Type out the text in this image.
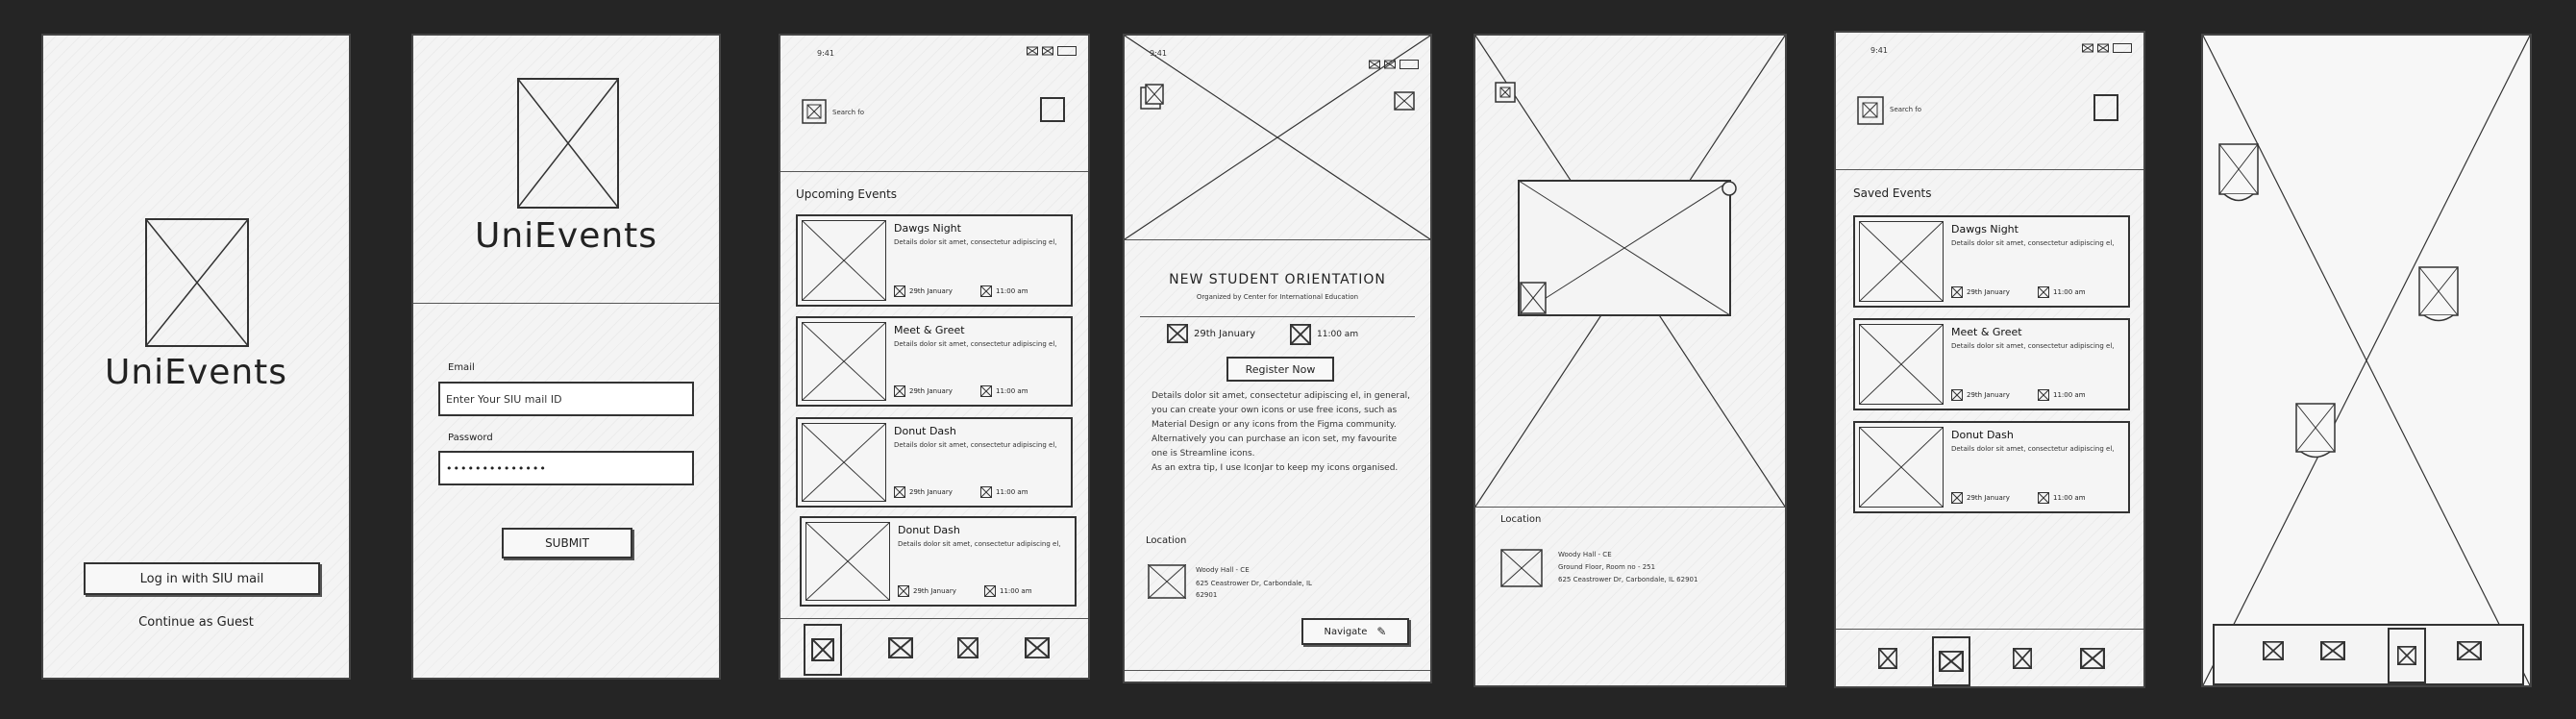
UniEvents
Log in with SIU mail
Continue as Guest
UniEvents
Email
Enter Your SIU mail ID
Password
••••••••••••••
SUBMIT
9:41
Search fo
Upcoming Events
Dawgs Night
Details dolor sit amet, consectetur adipiscing el,
29th January	11:00 am
Meet & Greet
Details dolor sit amet, consectetur adipiscing el,
29th January	11:00 am
Donut Dash
Details dolor sit amet, consectetur adipiscing el,
29th January	11:00 am
Donut Dash
Details dolor sit amet, consectetur adipiscing el,
29th January	11:00 am
9:41
NEW STUDENT ORIENTATION
Organized by Center for International Education
29th January	11:00 am
Register Now
Details dolor sit amet, consectetur adipiscing el, in general, you can create your own icons or use free icons, such as Material Design or any icons from the Figma community.
Alternatively you can purchase an icon set, my favourite one is Streamline icons.
As an extra tip, I use IconJar to keep my icons organised.
Location
Woody Hall - CE
625 Ceastrower Dr, Carbondale, IL
62901
Navigate ✎
Location
Woody Hall - CE
Ground Floor, Room no - 251
625 Ceastrower Dr, Carbondale, IL 62901
9:41
Search fo
Saved Events
Dawgs Night
Details dolor sit amet, consectetur adipiscing el,
29th January	11:00 am
Meet & Greet
Details dolor sit amet, consectetur adipiscing el,
29th January	11:00 am
Donut Dash
Details dolor sit amet, consectetur adipiscing el,
29th January	11:00 am
